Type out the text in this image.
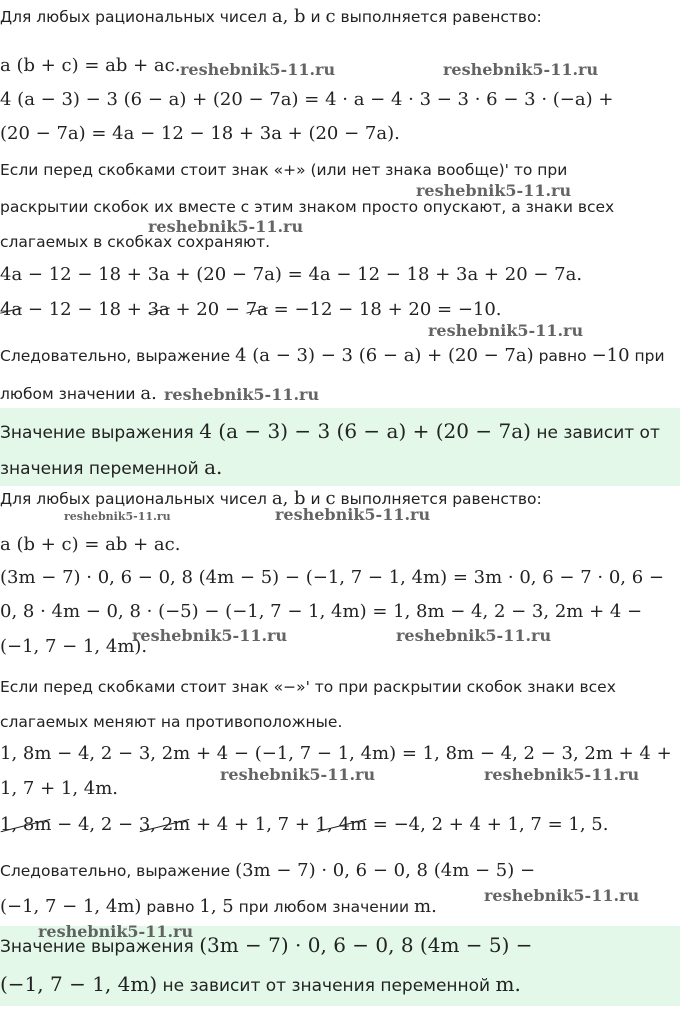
Для любых рациональных чисел a, b и c выполняется равенство:
a (b + c) = ab + ac.
4 (a − 3) − 3 (6 − a) + (20 − 7a) = 4 · a − 4 · 3 − 3 · 6 − 3 · (−a) +
(20 − 7a) = 4a − 12 − 18 + 3a + (20 − 7a).
Если перед скобками стоит знак «+» (или нет знака вообще)' то при
раскрытии скобок их вместе с этим знаком просто опускают, а знаки всех
слагаемых в скобках сохраняют.
4a − 12 − 18 + 3a + (20 − 7a) = 4a − 12 − 18 + 3a + 20 − 7a.
4a − 12 − 18 + 3a + 20 − 7a = −12 − 18 + 20 = −10.
Следовательно, выражение 4 (a − 3) − 3 (6 − a) + (20 − 7a) равно −10 при
любом значении a.
Значение выражения 4 (a − 3) − 3 (6 − a) + (20 − 7a) не зависит от
значения переменной a.
Для любых рациональных чисел a, b и c выполняется равенство:
a (b + c) = ab + ac.
(3m − 7) · 0, 6 − 0, 8 (4m − 5) − (−1, 7 − 1, 4m) = 3m · 0, 6 − 7 · 0, 6 −
0, 8 · 4m − 0, 8 · (−5) − (−1, 7 − 1, 4m) = 1, 8m − 4, 2 − 3, 2m + 4 −
(−1, 7 − 1, 4m).
Если перед скобками стоит знак «−»' то при раскрытии скобок знаки всех
слагаемых меняют на противоположные.
1, 8m − 4, 2 − 3, 2m + 4 − (−1, 7 − 1, 4m) = 1, 8m − 4, 2 − 3, 2m + 4 +
1, 7 + 1, 4m.
1, 8m − 4, 2 − 3, 2m + 4 + 1, 7 + 1, 4m = −4, 2 + 4 + 1, 7 = 1, 5.
Следовательно, выражение (3m − 7) · 0, 6 − 0, 8 (4m − 5) −
(−1, 7 − 1, 4m) равно 1, 5 при любом значении m.
Значение выражения (3m − 7) · 0, 6 − 0, 8 (4m − 5) −
(−1, 7 − 1, 4m) не зависит от значения переменной m.
reshebnik5-11.ru	reshebnik5-11.ru
reshebnik5-11.ru
reshebnik5-11.ru
reshebnik5-11.ru
reshebnik5-11.ru
reshebnik5-11.ru	reshebnik5-11.ru
reshebnik5-11.ru	reshebnik5-11.ru
reshebnik5-11.ru	reshebnik5-11.ru
reshebnik5-11.ru
reshebnik5-11.ru
